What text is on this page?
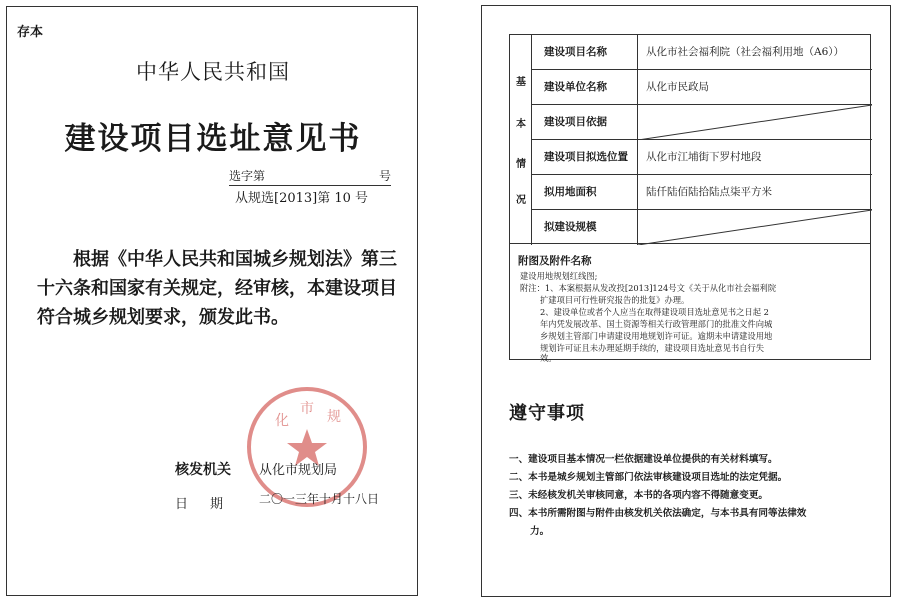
存本
中华人民共和国
建设项目选址意见书
选字第	号
从规选[2013]第 10 号
根据《中华人民共和国城乡规划法》第三十六条和国家有关规定，经审核，本建设项目符合城乡规划要求，颁发此书。
化
市 规
核发机关 从化市规划局
日期 二〇一三年十月十八日
基
本
情
况
建设项目名称	从化市社会福利院（社会福利用地（A6））
建设单位名称	从化市民政局
建设项目依据
建设项目拟选位置	从化市江埔街下罗村地段
拟用地面积	陆仟陆佰陆拾陆点柒平方米
拟建设规模
附图及附件名称
建设用地规划红线图;
附注：1、本案根据从发改投[2013]124号文《关于从化市社会福利院
扩建项目可行性研究报告的批复》办理。
2、建设单位或者个人应当在取得建设项目选址意见书之日起 2
年内凭发展改革、国土资源等相关行政管理部门的批准文件向城
乡规划主管部门申请建设用地规划许可证。逾期未申请建设用地
规划许可证且未办理延期手续的，建设项目选址意见书自行失
效。
遵守事项
一、建设项目基本情况一栏依据建设单位提供的有关材料填写。
二、本书是城乡规划主管部门依法审核建设项目选址的法定凭据。
三、未经核发机关审核同意，本书的各项内容不得随意变更。
四、本书所需附图与附件由核发机关依法确定，与本书具有同等法律效
力。
